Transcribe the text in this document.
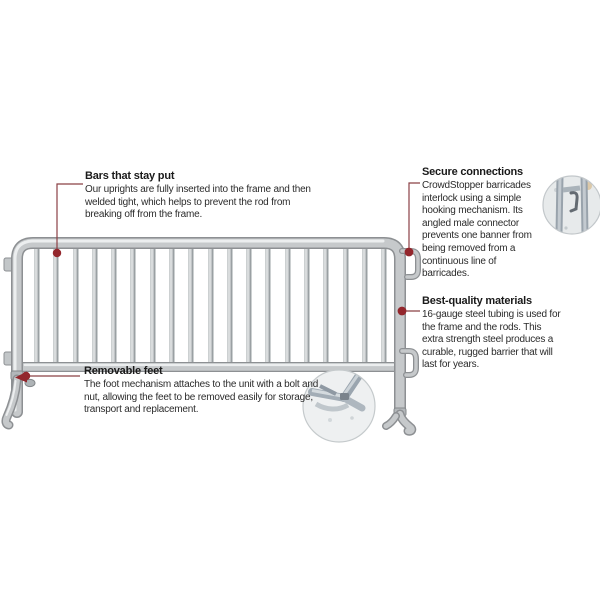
Bars that stay put
Our uprights are fully inserted into the frame and then welded tight, which helps to prevent the rod from breaking off from the frame.
Secure connections
CrowdStopper barricades interlock using a simple hooking mechanism. Its angled male connector prevents one banner from being removed from a continuous line of barricades.
Best-quality materials
16-gauge steel tubing is used for the frame and the rods. This extra strength steel produces a curable, rugged barrier that will last for years.
Removable feet
The foot mechanism attaches to the unit with a bolt and nut, allowing the feet to be removed easily for storage, transport and replacement.
